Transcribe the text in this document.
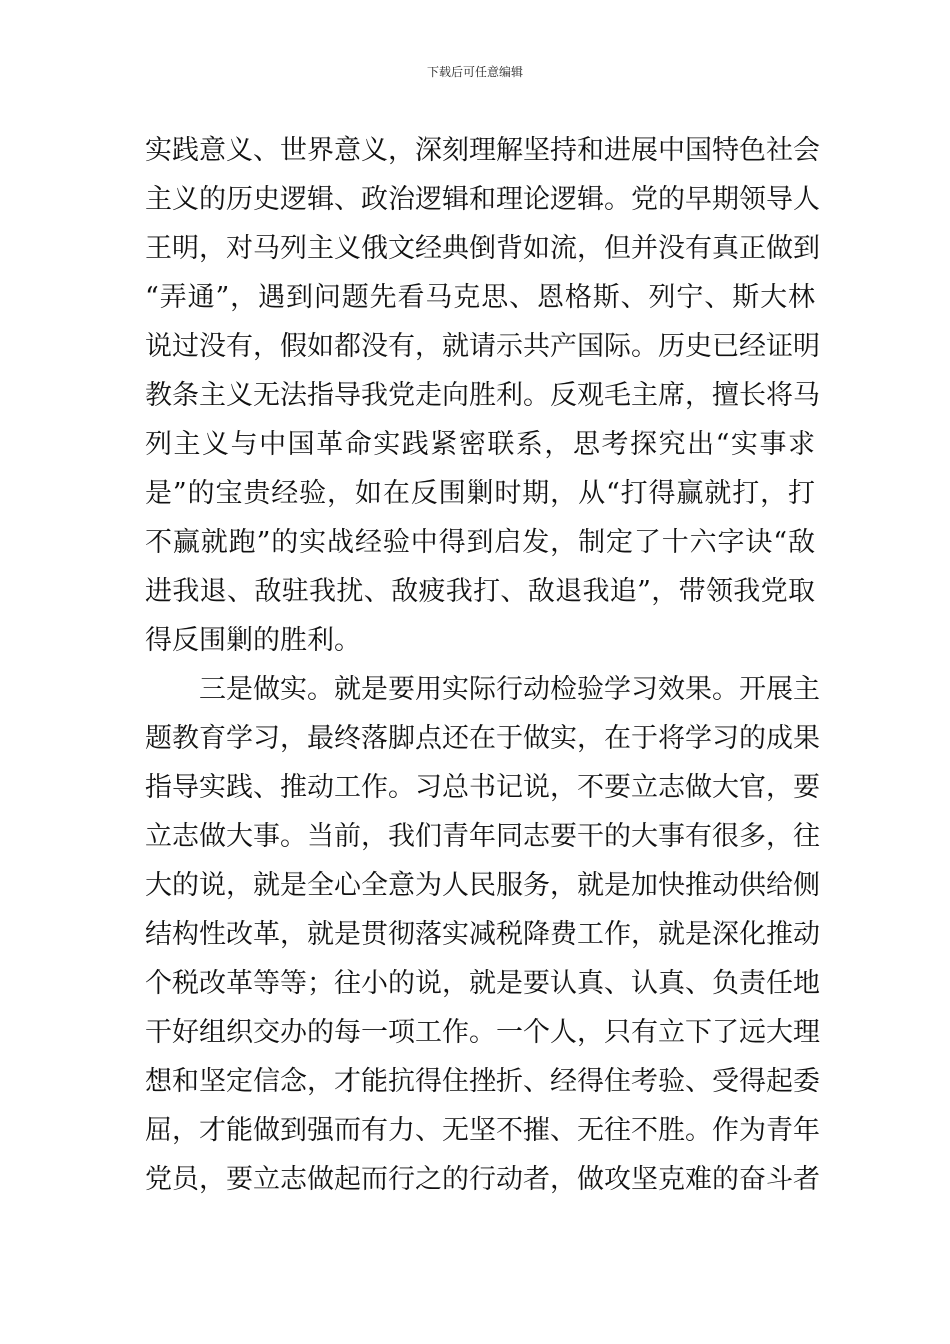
下载后可任意编辑
实践意义、世界意义，深刻理解坚持和进展中国特色社会
主义的历史逻辑、政治逻辑和理论逻辑。党的早期领导人
王明，对马列主义俄文经典倒背如流，但并没有真正做到
“弄通”，遇到问题先看马克思、恩格斯、列宁、斯大林
说过没有，假如都没有，就请示共产国际。历史已经证明
教条主义无法指导我党走向胜利。反观毛主席，擅长将马
列主义与中国革命实践紧密联系，思考探究出“实事求
是”的宝贵经验，如在反围剿时期，从“打得赢就打，打
不赢就跑”的实战经验中得到启发，制定了十六字诀“敌
进我退、敌驻我扰、敌疲我打、敌退我追”，带领我党取
得反围剿的胜利。
三是做实。就是要用实际行动检验学习效果。开展主
题教育学习，最终落脚点还在于做实，在于将学习的成果
指导实践、推动工作。习总书记说，不要立志做大官，要
立志做大事。当前，我们青年同志要干的大事有很多，往
大的说，就是全心全意为人民服务，就是加快推动供给侧
结构性改革，就是贯彻落实减税降费工作，就是深化推动
个税改革等等；往小的说，就是要认真、认真、负责任地
干好组织交办的每一项工作。一个人，只有立下了远大理
想和坚定信念，才能抗得住挫折、经得住考验、受得起委
屈，才能做到强而有力、无坚不摧、无往不胜。作为青年
党员，要立志做起而行之的行动者，做攻坚克难的奋斗者
